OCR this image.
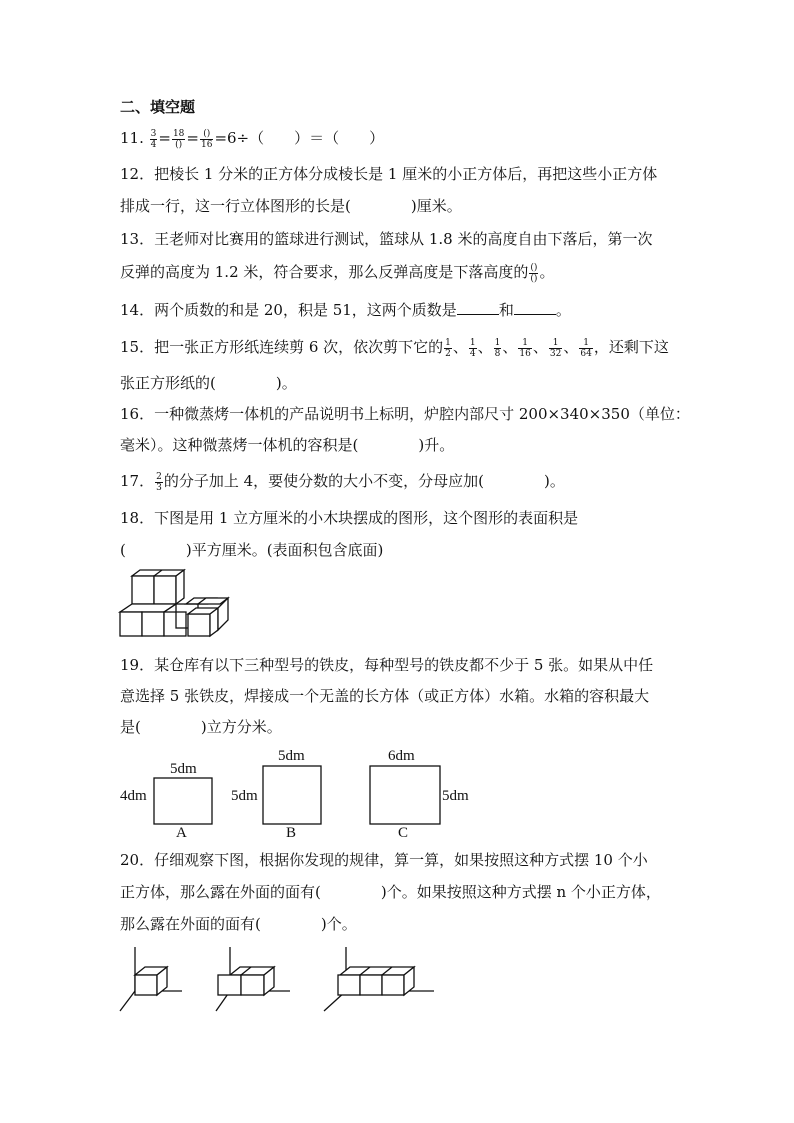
二、填空题
11. $\frac{3}{4} = \frac{18}{()} = \frac{()}{16} =6\div$（　　）＝（　　）
12．把棱长 1 分米的正方体分成棱长是 1 厘米的小正方体后，再把这些小正方体
排成一行，这一行立体图形的长是(　　　　)厘米。
13．王老师对比赛用的篮球进行测试，篮球从 1.8 米的高度自由下落后，第一次
反弹的高度为 1.2 米，符合要求，那么反弹高度是下落高度的 $\frac{()}{()}$ 。
14．两个质数的和是 20，积是 51，这两个质数是	和	。
15．把一张正方形纸连续剪 6 次，依次剪下它的 $\frac{1}{2}$ 、 $\frac{1}{4}$ 、 $\frac{1}{8}$ 、 $\frac{1}{16}$ 、 $\frac{1}{32}$ 、 $\frac{1}{64}$ ，还剩下这
张正方形纸的(　　　　)。
16．一种微蒸烤一体机的产品说明书上标明，炉腔内部尺寸 200×340×350（单位：
毫米）。这种微蒸烤一体机的容积是(　　　　)升。
17． $\frac{2}{3}$ 的分子加上 4，要使分数的大小不变，分母应加(　　　　)。
18．下图是用 1 立方厘米的小木块摆成的图形，这个图形的表面积是
(　　　　)平方厘米。(表面积包含底面)
19．某仓库有以下三种型号的铁皮，每种型号的铁皮都不少于 5 张。如果从中任
意选择 5 张铁皮，焊接成一个无盖的长方体（或正方体）水箱。水箱的容积最大
是(　　　　)立方分米。
5dm
4dm
A
5dm
5dm
B
6dm
5dm
C
20．仔细观察下图，根据你发现的规律，算一算，如果按照这种方式摆 10 个小
正方体，那么露在外面的面有(　　　　)个。如果按照这种方式摆 n 个小正方体，
那么露在外面的面有(　　　　)个。
